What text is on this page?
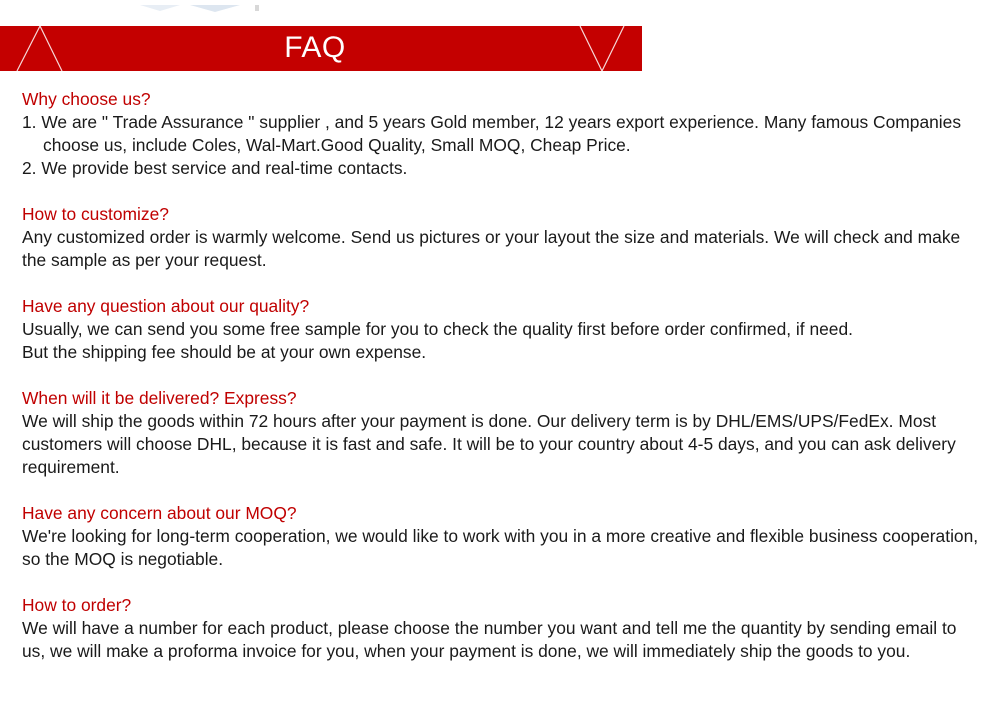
FAQ
Why choose us?
1. We are " Trade Assurance " supplier , and 5 years Gold member, 12 years export experience. Many famous Companies choose us, include Coles, Wal-Mart.Good Quality, Small MOQ, Cheap Price.
2. We provide best service and real-time contacts.
How to customize?
Any customized order is warmly welcome. Send us pictures or your layout the size and materials. We will check and make the sample as per your request.
Have any question about our quality?
Usually, we can send you some free sample for you to check the quality first before order confirmed, if need.
But the shipping fee should be at your own expense.
When will it be delivered? Express?
We will ship the goods within 72 hours after your payment is done. Our delivery term is by DHL/EMS/UPS/FedEx. Most customers will choose DHL, because it is fast and safe. It will be to your country about 4-5 days, and you can ask delivery requirement.
Have any concern about our MOQ?
We're looking for long-term cooperation, we would like to work with you in a more creative and flexible business cooperation, so the MOQ is negotiable.
How to order?
We will have a number for each product, please choose the number you want and tell me the quantity by sending email to us, we will make a proforma invoice for you, when your payment is done, we will immediately ship the goods to you.
